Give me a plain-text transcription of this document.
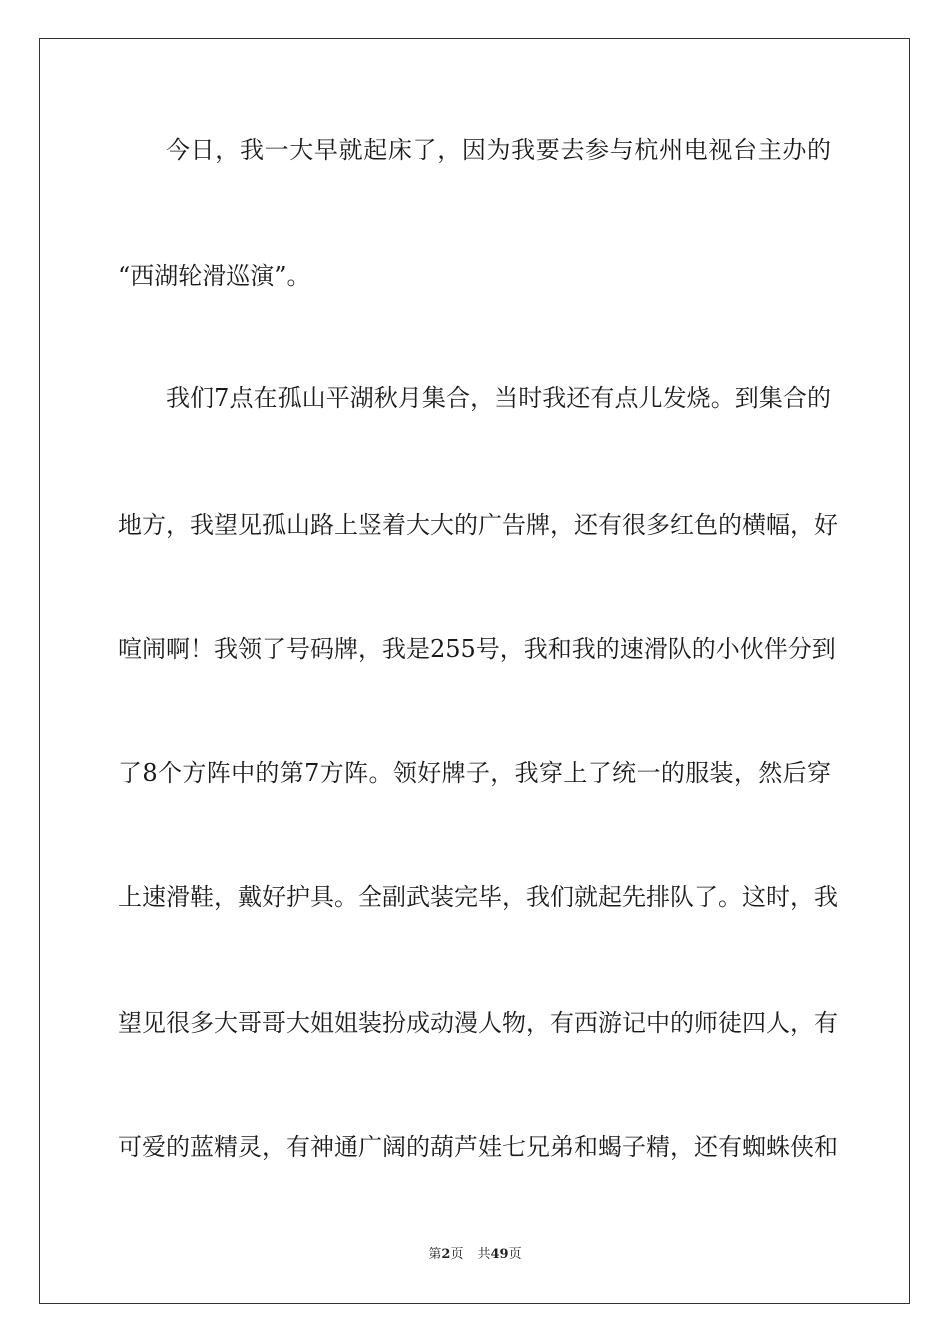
今日，我一大早就起床了，因为我要去参与杭州电视台主办的
“西湖轮滑巡演”。
我们7点在孤山平湖秋月集合，当时我还有点儿发烧。到集合的
地方，我望见孤山路上竖着大大的广告牌，还有很多红色的横幅，好
喧闹啊！我领了号码牌，我是255号，我和我的速滑队的小伙伴分到
了8个方阵中的第7方阵。领好牌子，我穿上了统一的服装，然后穿
上速滑鞋，戴好护具。全副武装完毕，我们就起先排队了。这时，我
望见很多大哥哥大姐姐装扮成动漫人物，有西游记中的师徒四人，有
可爱的蓝精灵，有神通广阔的葫芦娃七兄弟和蝎子精，还有蜘蛛侠和
第2页 共49页
